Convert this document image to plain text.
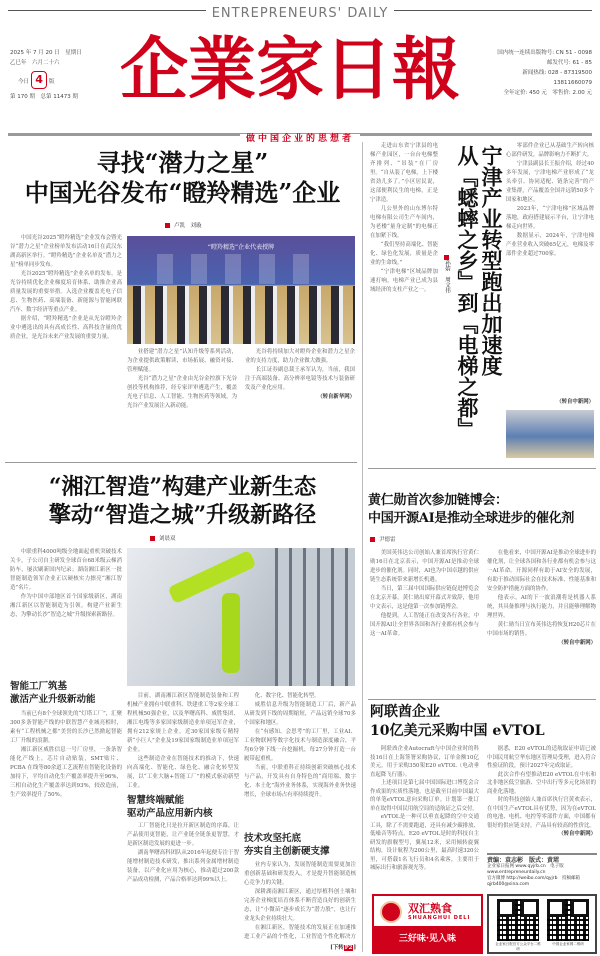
ENTREPRENEURS' DAILY
企業家日報
2025 年 7 月 20 日　星期日
乙巳年　六月二十六
今日 4 版
第 170 期　总第 11473 期
国内统一连续出版物号: CN 51 - 0098
邮发代号: 61 - 85
新闻热线: 028 - 87319500
13811660079
全年定价: 450 元　零售价: 2.00 元
做中国企业的思想者
寻找“潜力之星”
中国光谷发布“瞪羚精选”企业
卢凯　刘璇

中国光谷2025“瞪羚精选”企业发布会暨光谷“潜力之星”企业榜单发布活动16日在武汉东湖高新区举行。“瞪羚精选”企业名单及“潜力之星”榜单同步发布。

光谷2025“瞪羚精选”企业名单的发布，是光谷持续优化企业梯度培育体系、助推企业高质量发展的重要举措。入选企业覆盖光电子信息、生物医药、高端装备、新能源与智能网联汽车、数字经济等重点产业。

据介绍，“瞪羚精选”企业是从光谷瞪羚企业中遴选出的具有高成长性、高科技含量的优质企业，是光谷未来产业发展的重要力量。

“瞪羚精选”企业代表授牌

业搭建“潜力之星”认知升级等系列活动，为企业提供政策解读、市场拓展、融资对接、管理赋能。

光谷“潜力之星”企业由光谷金控旗下光谷创投等机构推荐，经专家评审遴选产生，覆盖光电子信息、人工智能、生物医药等领域，为光谷产业发展注入新动能。

光谷将持续加大对瞪羚企业和潜力之星企业的支持力度，助力企业做大做强。

长江证券副总裁王承军认为，当前，我国注于高端装备、高分辨率电镜等技术与装备研发及产业化应用。

（转自新华网）

走进山东省宁津县的电梯产业园区，一台台电梯整齐排列、“吊装”在厂房里。“自从装了电梯，上下楼省劲儿多了。”小区居民说，这部便利民生的电梯，正是宁津造。

几公里外的山东博尔特电梯有限公司生产车间内，为老楼“量身定制”的电梯正在加紧下线。

“我们坚持高端化、智能化、绿色化发展，质量是企业的生命线。”

“宁津电梯”区域品牌加速打响，电梯产业已成为县域经济的支柱产业之一。	孙婧　周文伟 宁津产业转型跑出加速度
从『蟋蟀之乡』到『电梯之都』	零部件企业已从基础生产转向核心部件研发，品牌影响力不断扩大。

宁津县副县长王振介绍，经过40多年发展，宁津电梯产业形成了“龙头牵引、协同适配、链条完善”的产业集群，产品覆盖全国并远销50多个国家和地区。

2023年，“宁津电梯”区域品牌落地，政府搭建展示平台，让宁津电梯走向世界。

数据显示，2024年，宁津电梯产业营业收入突破65亿元，电梯及零部件企业超过700家。

（转自中新网）
“湘江智造”构建产业新生态
擎动“智造之城”升级新路径
刘晨双

中联重科4000吨级全地面起重机突破技术关卡，子公司自主研发全球首台68米级云梯消防车，屡次刷新国内纪录；湖南湘江新区一批智能制造领军企业正以硬核实力擦亮“湘江智造”名片。

作为中国中部地区首个国家级新区，湖南湘江新区以智能制造为引领，构建产业新生态，为擎动长沙“智造之城”升级探索新路径。

智能工厂筑基
激活产业升级新动能

当前已有8个全球领先的“灯塔工厂”，汇聚300多条智能产线的中联智慧产业城亮相时，素有“工程机械之都”美誉的长沙已然掀起智能工厂升级的浪潮。

湘江新区威胜信息一号厂房里，一条条智能化产线上，芯片自动贴装，SMT贴片、PCBA 在线等80余道工艺流程在智能化设备的加持下，平均自动化生产覆盖率提升至96%，三相自动化生产覆盖率达到93%，较改造前，生产效率提升了50%。

目前，湖南湘江新区智能制造装备和工程机械产业拥有中联重科、铁建重工等2家全球工程机械50强企业，以及华曙高科、威胜集团、湘江电缆等多家国家级制造业单项冠军企业，拥有212家规上企业，近30家国家级专精特新“小巨人”企业及19家国家级制造业单项冠军企业。

这些制造企业在智能技术的推动下，快速向高端化、智能化、绿色化、融合化转型发展，以“工业大脑+智能工厂”的模式驱动新型工业。

智慧终端赋能
驱动产品应用新内核

工厂智能化只是拉开新区制造的序幕，让产品使用更智能，让产业链全链条更智慧，才是新区制造发展的更进一步。

湖南华曙高科团队从2016年起便专注于智能增材制造技术研发，推出系列金属增材制造装备，以产业化应用为核心，推动超过200款产品成功检测，产品合格率达到99%以上。

化、数字化、智能化转型。

威胜信息升级为智能制造工厂后，新产品从研发到下线的周期缩短，产品远销全球70多个国家和地区。

在“有感知、会思考”的工厂里，工业AI、工业物联网等数字化技术与制造深度融合，平均6分钟下线一台挖掘机，每27分钟打造一台履带起重机。

当前，中联重科正持续创新突破核心技术与产品，开发具有自身特色的“商用端、数字化、本土化”海外业务体系，实现海外业务快速增长，全球市场占有率持续提升。

技术攻坚托底
夯实自主创新硬支撑

业内专家认为，发展智能制造需要更加注重创新基础和研发投入，才是提升智能制造核心竞争力的关键。

深耕湖南湘江新区，通过厚植科创土壤和完善企业梯度培育体系不断营造良好的创新生态，让“小微苗”逐步成长为“潜力股”，也让行业龙头企业持续壮大。

在湘江新区，智能技术的发展正在加速推进工业产品的个性化，工业智造个性化解决方

[下转P2]
黄仁勋首次参加链博会：
中国开源AI是推动全球进步的催化剂
尹德雷

美国英伟达公司创始人兼首席执行官黄仁勋16日在北京表示，中国开源AI是推动全球进步的催化剂。同时，AI也为中国卓越的供应链生态系统带来新增长机遇。

当日，第三届中国国际供应链促进博览会在北京开幕。黄仁勋出席开幕式并致辞，他用中文表示，这是他第一次参加链博会。

他提到，人工智能正在改变各行各业，中国开源AI让全世界各国和各行业都有机会参与这一AI革命。

在他看来，中国开源AI是推动全球进步的催化剂，让全球各国和各行业都有机会参与这一AI革命。开源同样有助于AI安全的发展，有助于推动国际社会在技术标准、性能基准和安全防护措施方面的协作。

他表示，AI的下一波浪潮将是机器人系统，其具备推理与执行能力，并且能够理解物理世界。

黄仁勋当日宣布英伟达将恢复H20芯片在中国市场的销售。

（转自中新网）

阿联酋企业
10亿美元采购中国 eVTOL

阿联酋企业Autocraft与中国企业时的科技16日在上海签署采购协议，订单金额10亿美元，用于采购350架E20 eVTOL（电动垂直起降飞行器）。

上述项目是第七届中国国际进口博览会合作成果的实质性落地，也是截至目前中国最大的单笔eVTOL意向采购订单。计划第一批订单在取得中国民用航空局的适航证之后交付。

eVTOL是一种可以垂直起降的空中交通工具，除了不需要跑道，还具有减少碳排放、低噪音等特点。E20 eVTOL是时的科技自主研发的旗舰型号，翼展12米，采用倾转旋翼结构，设计航程为200公里，最高时速320公里，可搭载1名飞行员和4名乘客，主要用于城际出行和旅游观光等。

据悉，E20 eVTOL的适航取证申请已被中国民用航空华东地区管理局受理，进入符合性验证阶段，预计2027年完成取证。

此次合作有望推动E20 eVTOL在中东和北非地区低空旅游、空中出行等多元化场景的商业化落地。

时的科技创始人兼首席执行官黄欢表示，在中国生产eVTOL具有优势，因为在eVTOL的电池、电机、电控等零部件方面，中国都有很好的供应链支持，产品具有较高的性价比。

（转自中新网）

责编：袁志彬　版式：黄珺
企业家日报网 www.qyjrb.cn　电子版 www.entrepreneurdaily.cn
官方微博 http://weibo.com/qyjrb　投稿邮箱 qjrb400@sina.com
双汇熟食
SHUANGHUI DELI
三好味·见入味	企业家日报官方公众平台二维码
中国企业家网二维码
